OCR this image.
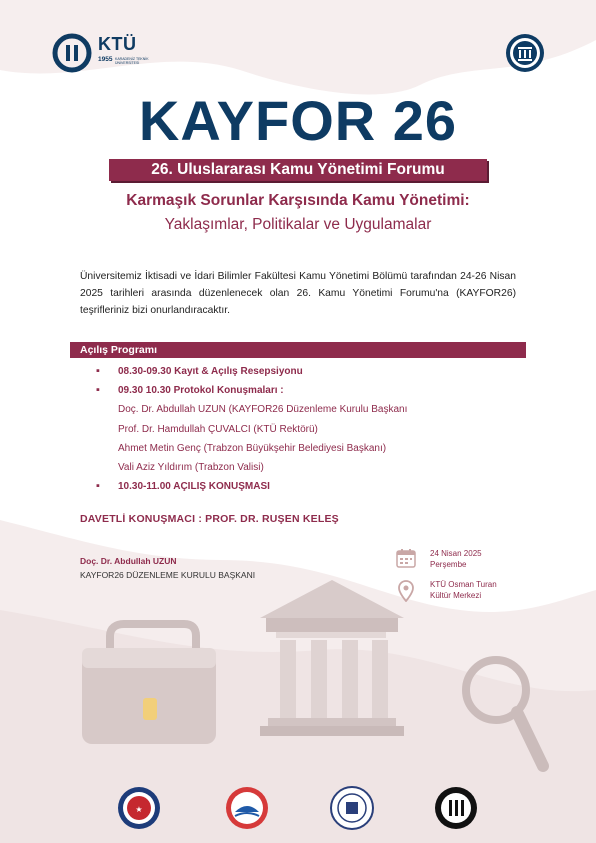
KTÜ
1955 KARADENİZ TEKNİK ÜNİVERSİTESİ
KAYFOR 26
26. Uluslararası Kamu Yönetimi Forumu
Karmaşık Sorunlar Karşısında Kamu Yönetimi:
Yaklaşımlar, Politikalar ve Uygulamalar
Üniversitemiz İktisadi ve İdari Bilimler Fakültesi Kamu Yönetimi Bölümü tarafından 24-26 Nisan 2025 tarihleri arasında düzenlenecek olan 26. Kamu Yönetimi Forumu'na (KAYFOR26) teşrifleriniz bizi onurlandıracaktır.
Açılış Programı
▪ 08.30-09.30 Kayıt & Açılış Resepsiyonu
▪ 09.30 10.30 Protokol Konuşmaları :
Doç. Dr. Abdullah UZUN (KAYFOR26 Düzenleme Kurulu Başkanı
Prof. Dr. Hamdullah ÇUVALCI (KTÜ Rektörü)
Ahmet Metin Genç (Trabzon Büyükşehir Belediyesi Başkanı)
Vali Aziz Yıldırım (Trabzon Valisi)
▪ 10.30-11.00 AÇILIŞ KONUŞMASI
DAVETLİ KONUŞMACI : PROF. DR. RUŞEN KELEŞ
Doç. Dr. Abdullah UZUN
KAYFOR26 DÜZENLEME KURULU BAŞKANI
24 Nisan 2025
Perşembe
KTÜ Osman Turan
Kültür Merkezi
★
